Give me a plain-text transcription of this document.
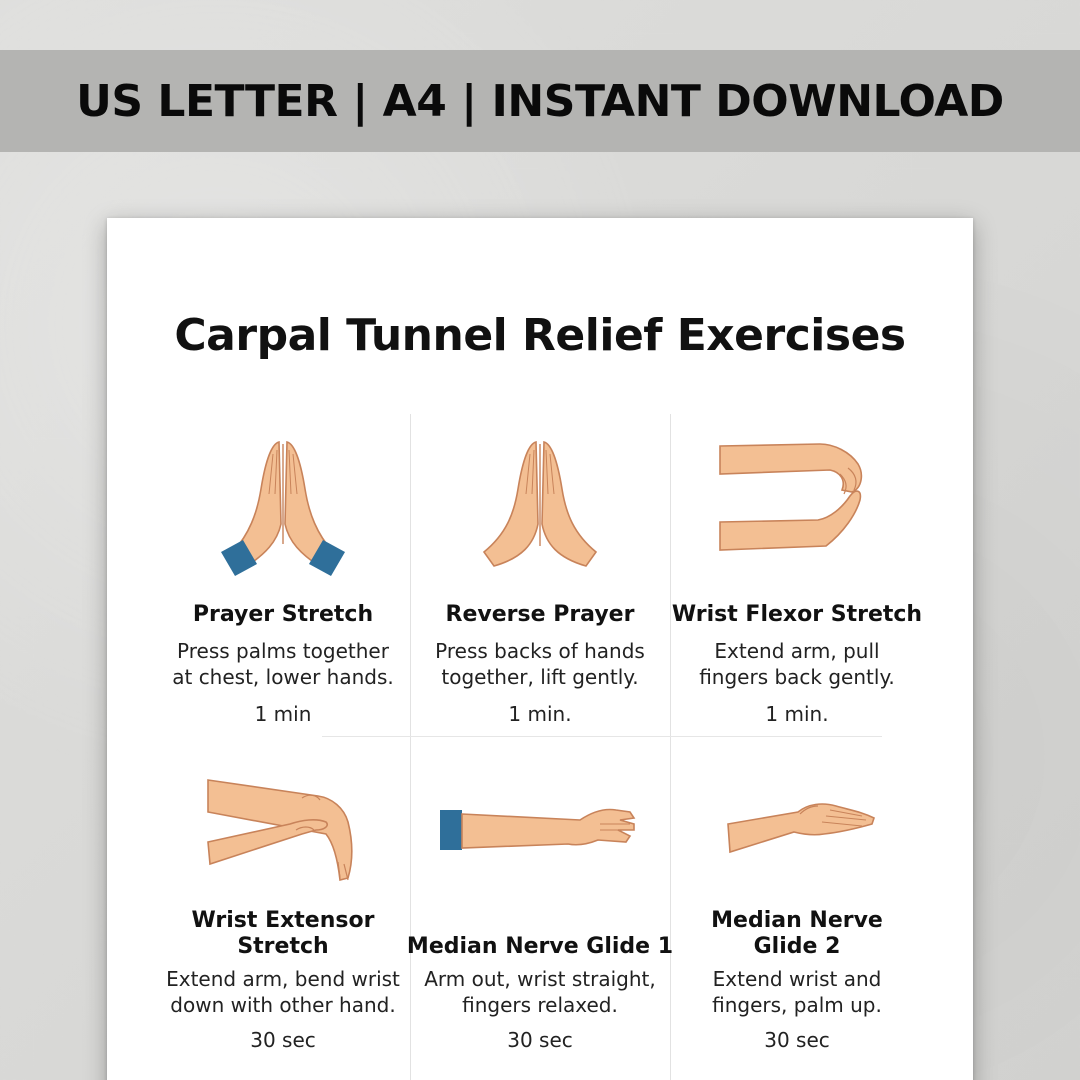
US LETTER | A4 | INSTANT DOWNLOAD
Carpal Tunnel Relief Exercises
Prayer Stretch
Press palms together
at chest, lower hands.
1 min
Reverse Prayer
Press backs of hands
together, lift gently.
1 min.
Wrist Flexor Stretch
Extend arm, pull
fingers back gently.
1 min.
Wrist Extensor
Stretch
Extend arm, bend wrist
down with other hand.
30 sec
Median Nerve Glide 1
Arm out, wrist straight,
fingers relaxed.
30 sec
Median Nerve
Glide 2
Extend wrist and
fingers, palm up.
30 sec
